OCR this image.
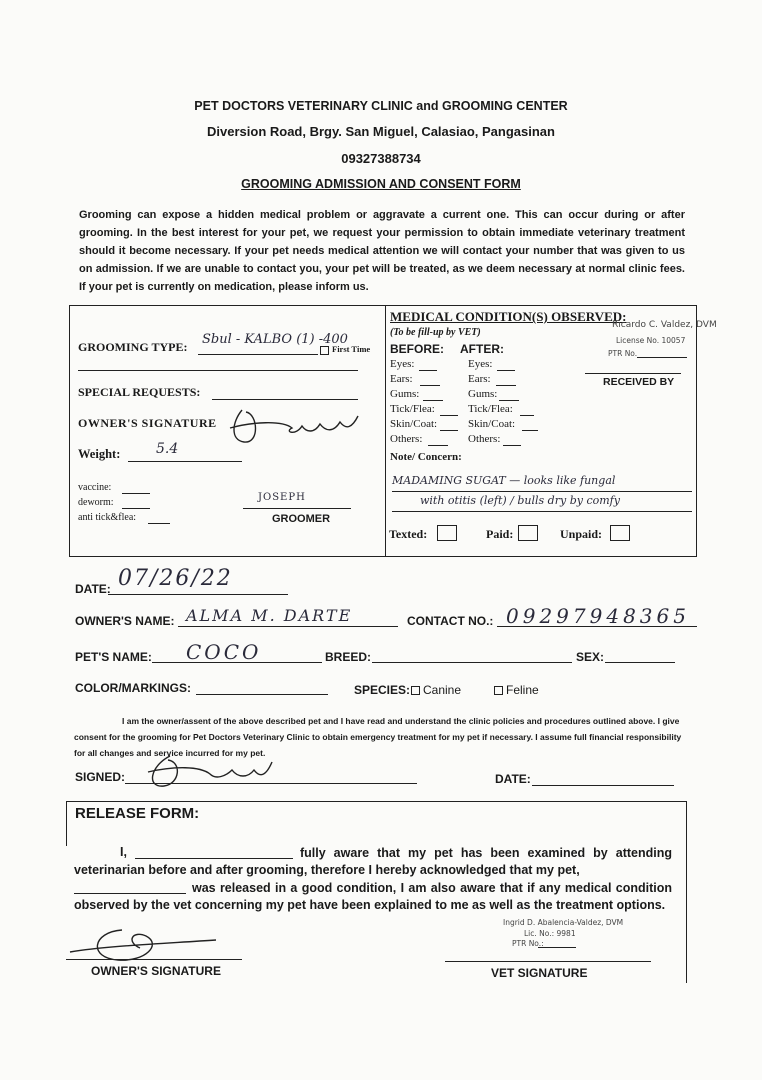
PET DOCTORS VETERINARY CLINIC and GROOMING CENTER
Diversion Road, Brgy. San Miguel, Calasiao, Pangasinan
09327388734
GROOMING ADMISSION AND CONSENT FORM
Grooming can expose a hidden medical problem or aggravate a current one. This can occur during or after grooming. In the best interest for your pet, we request your permission to obtain immediate veterinary treatment should it become necessary. If your pet needs medical attention we will contact your number that was given to us on admission. If we are unable to contact you, your pet will be treated, as we deem necessary at normal clinic fees. If your pet is currently on medication, please inform us.
GROOMING TYPE: Sbul - KALBO (1) -400
First Time
SPECIAL REQUESTS:
OWNER'S SIGNATURE
Weight:	5.4
vaccine:
deworm:
anti tick&flea:
JOSEPH
GROOMER
MEDICAL CONDITION(S) OBSERVED:
(To be fill-up by VET)
BEFORE: AFTER:
Eyes:	Eyes:
Ears:	Ears:
Gums:	Gums:
Tick/Flea:	Tick/Flea:
Skin/Coat:	Skin/Coat:
Others:	Others:
Note/ Concern:
MADAMING SUGAT — looks like fungal
with otitis (left) / bulls dry by comfy
Texted:	Paid:	Unpaid:
Ricardo C. Valdez, DVM
License No. 10057
PTR No.
RECEIVED BY
DATE: 07/26/22
OWNER'S NAME: ALMA M. DARTE	CONTACT NO.: 09297948365
PET'S NAME: COCO	BREED:	SEX:
COLOR/MARKINGS:	SPECIES:	Canine	Feline
I am the owner/assent of the above described pet and I have read and understand the clinic policies and procedures outlined above. I give consent for the grooming for Pet Doctors Veterinary Clinic to obtain emergency treatment for my pet if necessary. I assume full financial responsibility for all changes and service incurred for my pet.
SIGNED:	DATE:
RELEASE FORM:
I,	fully aware that my pet has been examined by attending veterinarian before and after grooming, therefore I hereby acknowledged that my pet,
was released in a good condition, I am also aware that if any medical condition observed by the vet concerning my pet have been explained to me as well as the treatment options.
OWNER'S SIGNATURE
Ingrid D. Abalencia-Valdez, DVM
Lic. No.: 9981
PTR No.:
VET SIGNATURE
